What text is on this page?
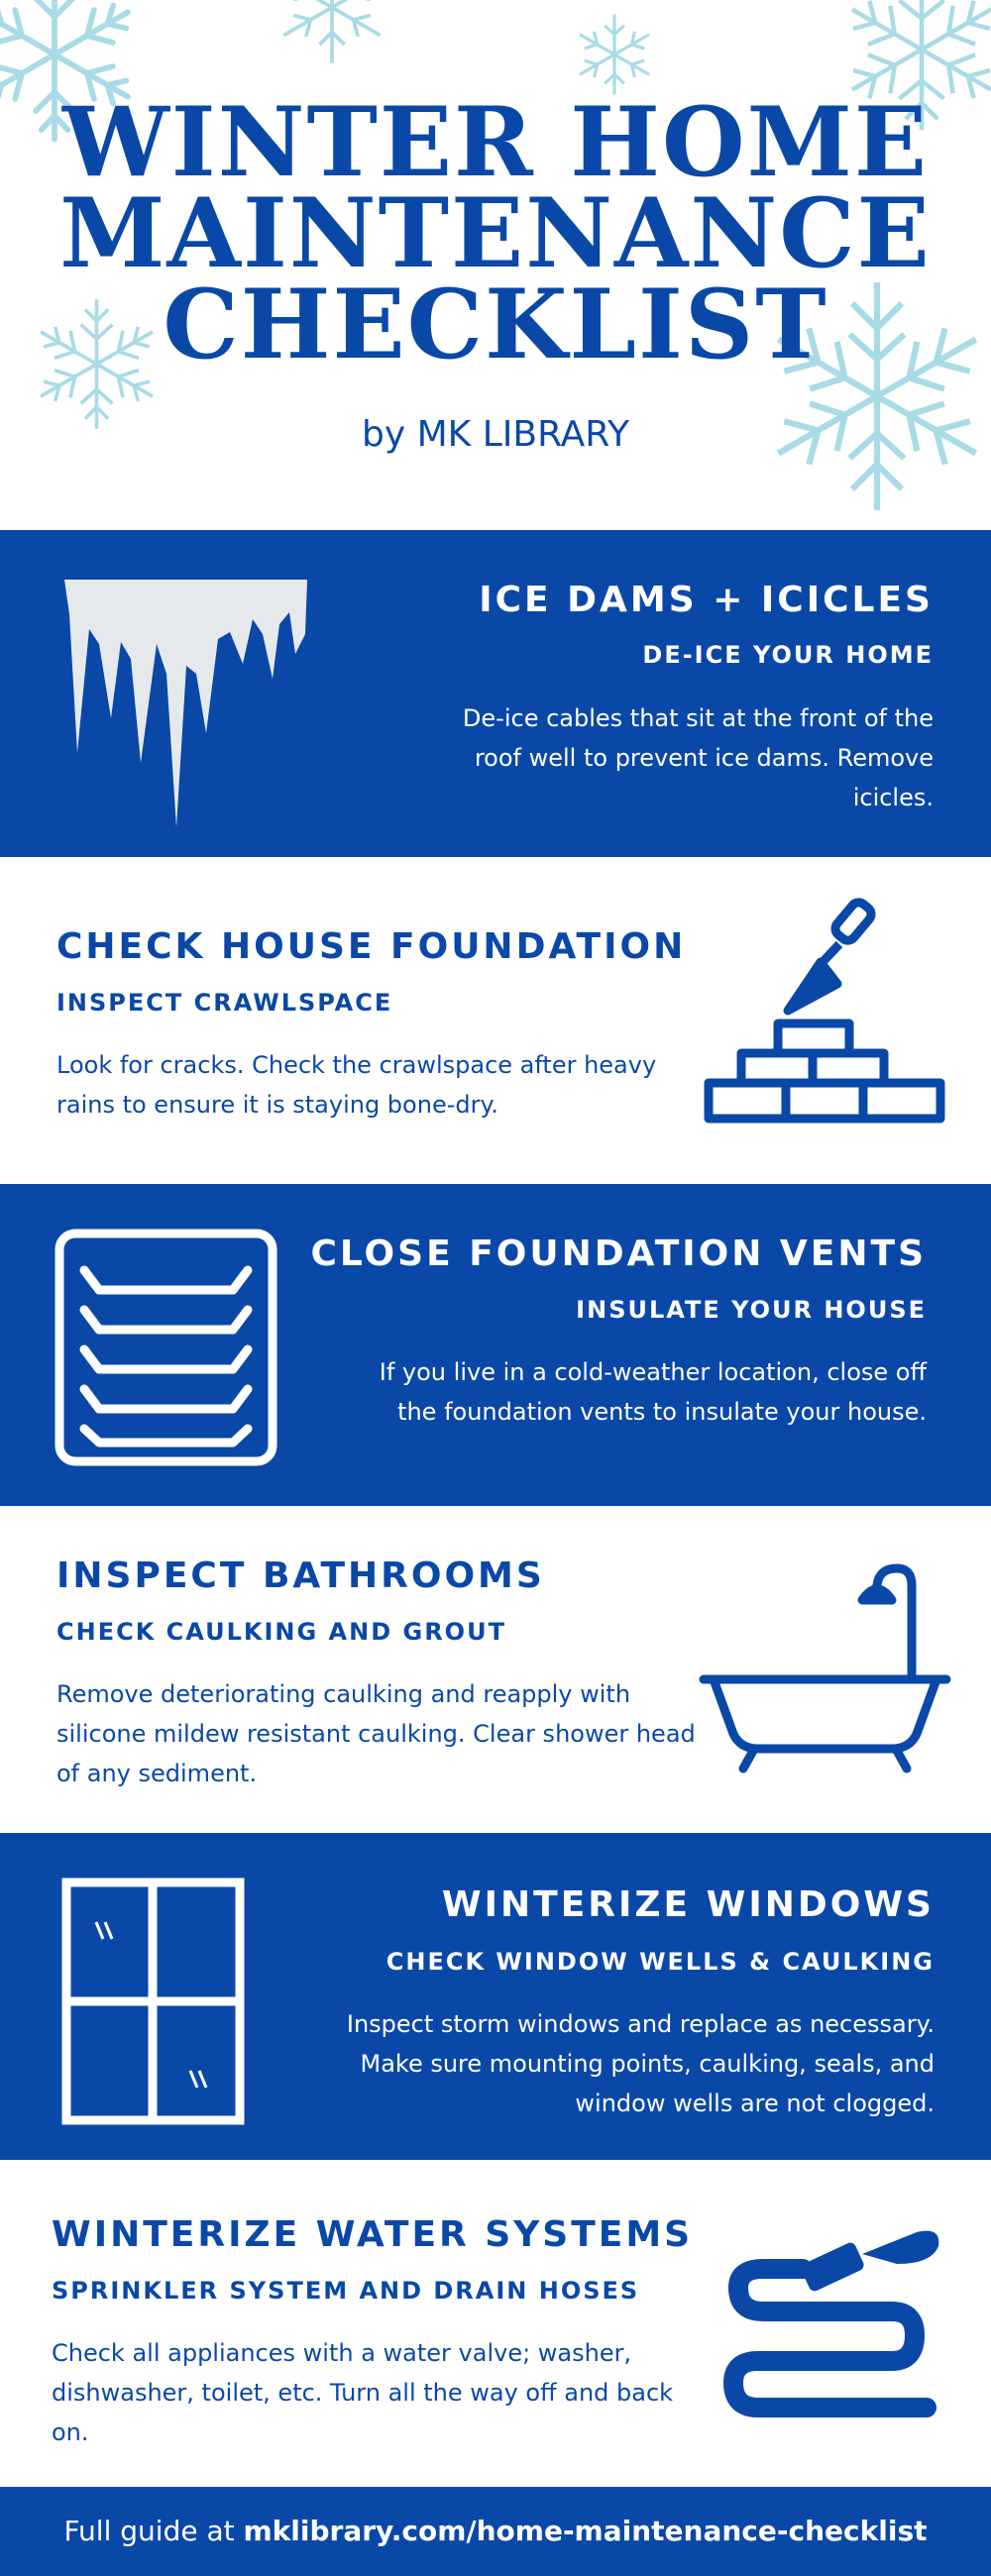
WINTER HOME
MAINTENANCE
CHECKLIST
by MK LIBRARY
ICE DAMS + ICICLES
DE-ICE YOUR HOME

De-ice cables that sit at the front of the roof well to prevent ice dams. Remove icicles.

CHECK HOUSE FOUNDATION
INSPECT CRAWLSPACE

Look for cracks. Check the crawlspace after heavy rains to ensure it is staying bone-dry.

CLOSE FOUNDATION VENTS
INSULATE YOUR HOUSE

If you live in a cold-weather location, close off the foundation vents to insulate your house.

INSPECT BATHROOMS
CHECK CAULKING AND GROUT

Remove deteriorating caulking and reapply with silicone mildew resistant caulking. Clear shower head of any sediment.

WINTERIZE WINDOWS
CHECK WINDOW WELLS & CAULKING

Inspect storm windows and replace as necessary. Make sure mounting points, caulking, seals, and window wells are not clogged.

WINTERIZE WATER SYSTEMS
SPRINKLER SYSTEM AND DRAIN HOSES

Check all appliances with a water valve; washer, dishwasher, toilet, etc. Turn all the way off and back on.

Full guide at mklibrary.com/home-maintenance-checklist
